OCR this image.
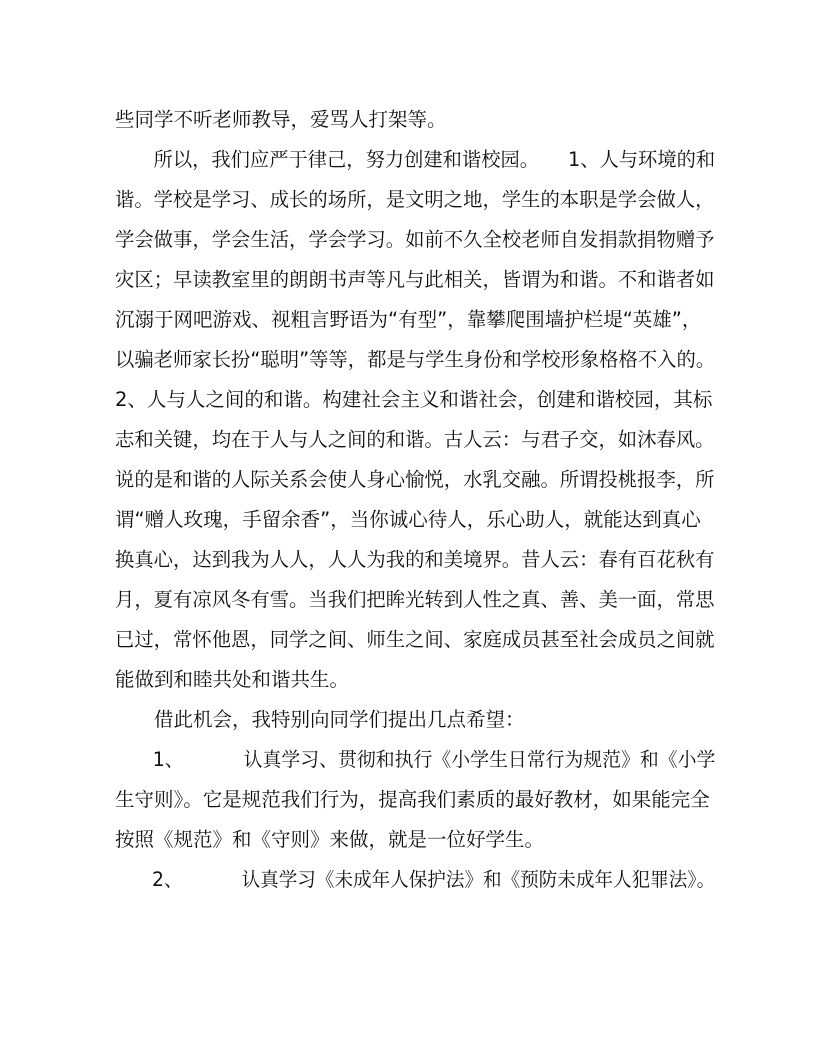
些同学不听老师教导，爱骂人打架等。
　　所以，我们应严于律己，努力创建和谐校园。　　1、人与环境的和
谐。学校是学习、成长的场所，是文明之地，学生的本职是学会做人，
学会做事，学会生活，学会学习。如前不久全校老师自发捐款捐物赠予
灾区；早读教室里的朗朗书声等凡与此相关，皆谓为和谐。不和谐者如
沉溺于网吧游戏、视粗言野语为“有型”，靠攀爬围墙护栏堤“英雄”，
以骗老师家长扮“聪明”等等，都是与学生身份和学校形象格格不入的。
2、人与人之间的和谐。构建社会主义和谐社会，创建和谐校园，其标
志和关键，均在于人与人之间的和谐。古人云：与君子交，如沐春风。
说的是和谐的人际关系会使人身心愉悦，水乳交融。所谓投桃报李，所
谓“赠人玫瑰，手留余香”，当你诚心待人，乐心助人，就能达到真心
换真心，达到我为人人，人人为我的和美境界。昔人云：春有百花秋有
月，夏有凉风冬有雪。当我们把眸光转到人性之真、善、美一面，常思
已过，常怀他恩，同学之间、师生之间、家庭成员甚至社会成员之间就
能做到和睦共处和谐共生。
　　借此机会，我特别向同学们提出几点希望：
　　1、	认真学习、贯彻和执行《小学生日常行为规范》和《小学
生守则》。它是规范我们行为，提高我们素质的最好教材，如果能完全
按照《规范》和《守则》来做，就是一位好学生。
　　2、	认真学习《未成年人保护法》和《预防未成年人犯罪法》。
